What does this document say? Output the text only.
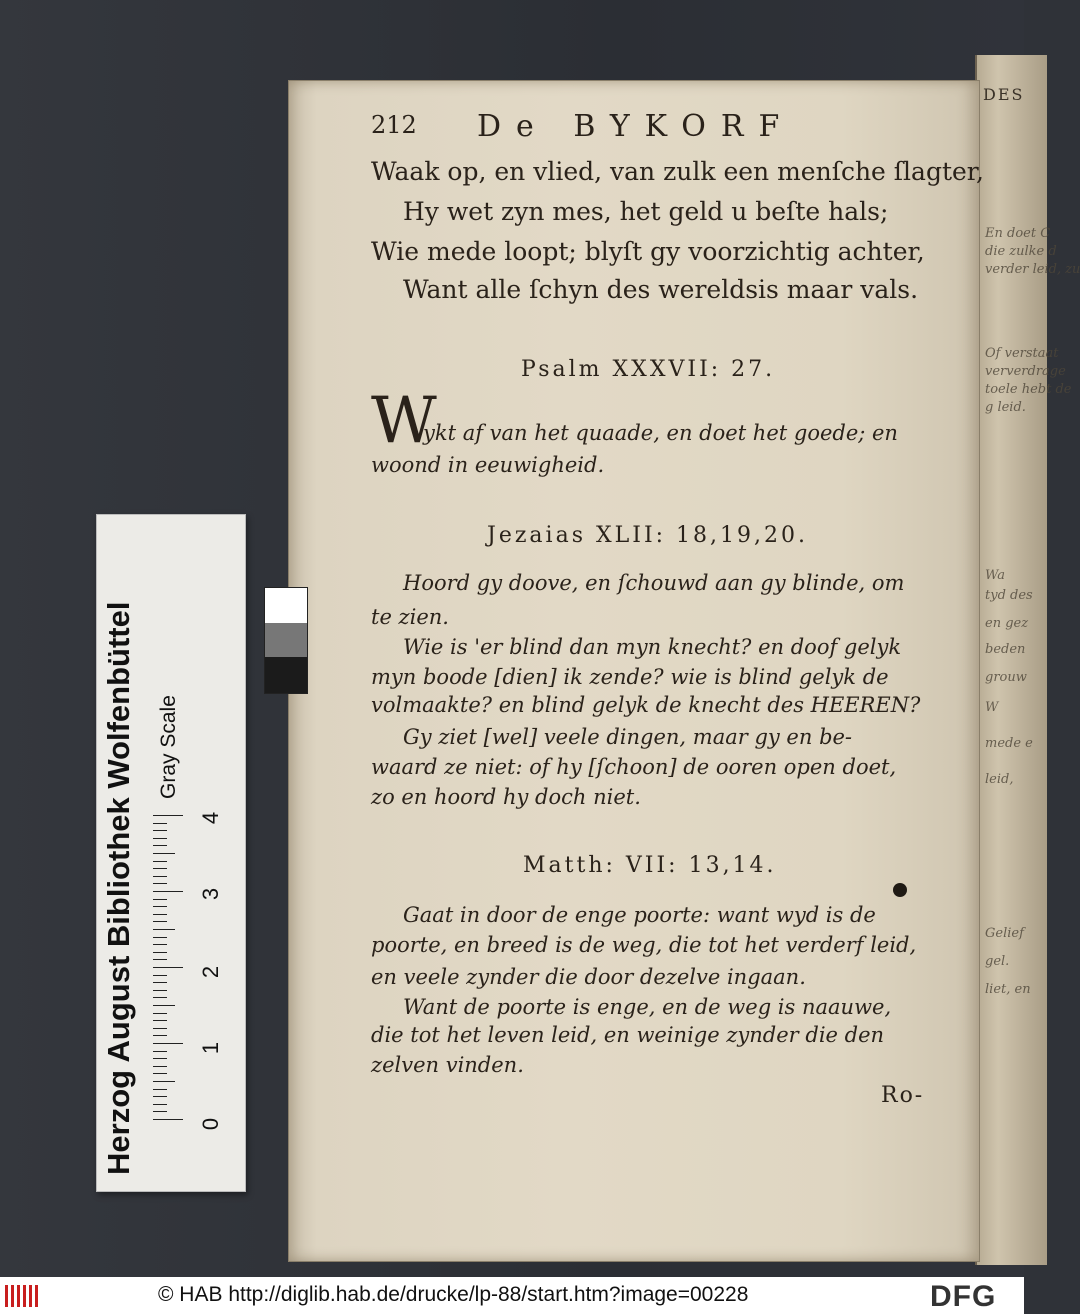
DES
En doet C
die zulke d
verder leid, zu
Of verstaat
ververdrage
toele hebt de
g leid.
Wa
tyd des
en gez
beden
grouw
W
mede e
leid,
Gelief
gel.
liet, en
212 De BYKORF
Waak op, en vlied, van zulk een menſche ſlagter,
Hy wet zyn mes, het geld u beſte hals;
Wie mede loopt; blyſt gy voorzichtig achter,
Want alle ſchyn des wereldsis maar vals.
Psalm XXXVII: 27.
W
ykt af van het quaade, en doet het goede; en
woond in eeuwigheid.
Jezaias XLII: 18,19,20.
Hoord gy doove, en ſchouwd aan gy blinde, om
te zien.
Wie is 'er blind dan myn knecht? en doof gelyk
myn boode [dien] ik zende? wie is blind gelyk de
volmaakte? en blind gelyk de knecht des HEEREN?
Gy ziet [wel] veele dingen, maar gy en be-
waard ze niet: of hy [ſchoon] de ooren open doet,
zo en hoord hy doch niet.
Matth: VII: 13,14.
Gaat in door de enge poorte: want wyd is de
poorte, en breed is de weg, die tot het verderf leid,
en veele zynder die door dezelve ingaan.
Want de poorte is enge, en de weg is naauwe,
die tot het leven leid, en weinige zynder die den
zelven vinden.
Ro-
Herzog August Bibliothek Wolfenbüttel Gray Scale
0
1
2
3
4
© HAB http://diglib.hab.de/drucke/lp-88/start.htm?image=00228	DFG
